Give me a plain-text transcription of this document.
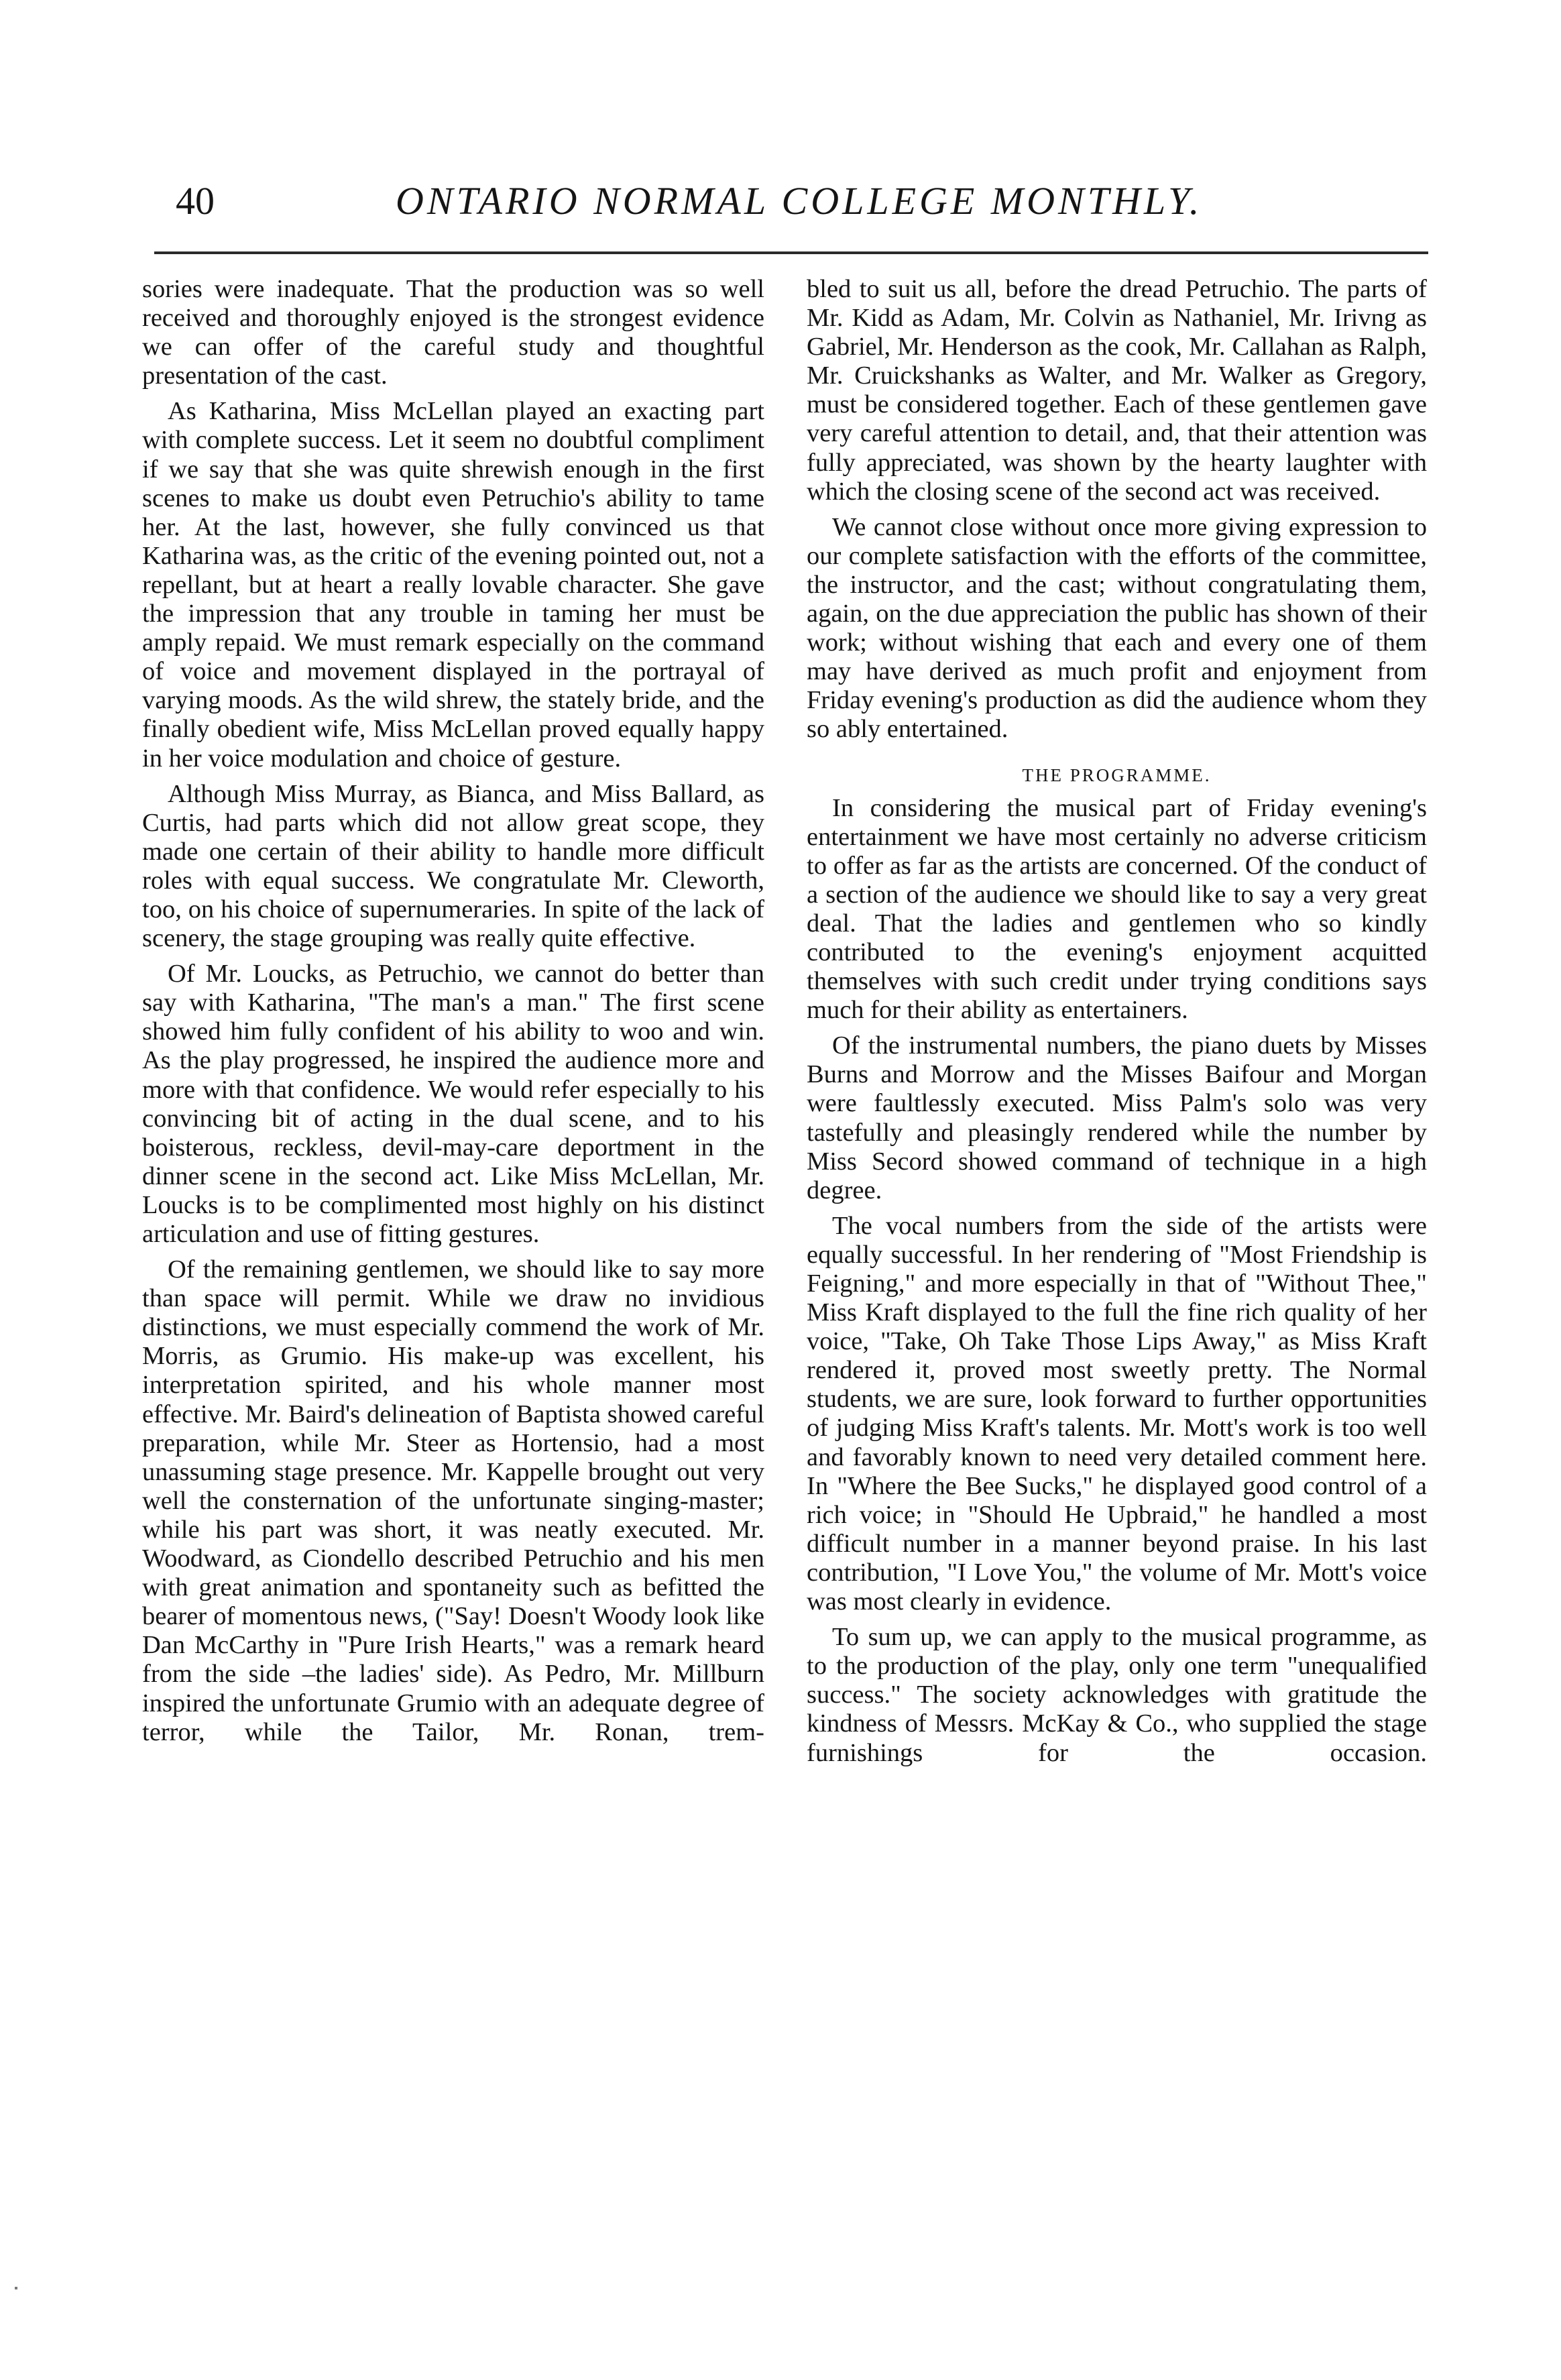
40	ONTARIO NORMAL COLLEGE MONTHLY.

sories were inadequate. That the production was so well received and thoroughly enjoyed is the strongest evidence we can offer of the careful study and thoughtful presentation of the cast.

As Katharina, Miss McLellan played an exacting part with complete success. Let it seem no doubtful compliment if we say that she was quite shrewish enough in the first scenes to make us doubt even Petruchio's ability to tame her. At the last, however, she fully convinced us that Katharina was, as the critic of the evening pointed out, not a repellant, but at heart a really lovable character. She gave the impression that any trouble in taming her must be amply repaid. We must remark especially on the command of voice and movement displayed in the portrayal of varying moods. As the wild shrew, the stately bride, and the finally obedient wife, Miss McLellan proved equally happy in her voice modulation and choice of gesture.

Although Miss Murray, as Bianca, and Miss Ballard, as Curtis, had parts which did not allow great scope, they made one certain of their ability to handle more difficult roles with equal success. We congratulate Mr. Cleworth, too, on his choice of supernumeraries. In spite of the lack of scenery, the stage grouping was really quite effective.

Of Mr. Loucks, as Petruchio, we cannot do better than say with Katharina, "The man's a man." The first scene showed him fully confident of his ability to woo and win. As the play progressed, he inspired the audience more and more with that confidence. We would refer especially to his convincing bit of acting in the dual scene, and to his boisterous, reckless, devil-may-care deportment in the dinner scene in the second act. Like Miss McLellan, Mr. Loucks is to be complimented most highly on his distinct articulation and use of fitting gestures.

Of the remaining gentlemen, we should like to say more than space will permit. While we draw no invidious distinctions, we must especially commend the work of Mr. Morris, as Grumio. His make-up was excellent, his interpretation spirited, and his whole manner most effective. Mr. Baird's delineation of Baptista showed careful preparation, while Mr. Steer as Hortensio, had a most unassuming stage presence. Mr. Kappelle brought out very well the consternation of the unfortunate singing-master; while his part was short, it was neatly executed. Mr. Woodward, as Ciondello described Petruchio and his men with great animation and spontaneity such as befitted the bearer of momentous news, ("Say! Doesn't Woody look like Dan McCarthy in "Pure Irish Hearts," was a remark heard from the side –the ladies' side). As Pedro, Mr. Millburn inspired the unfortunate Grumio with an adequate degree of terror, while the Tailor, Mr. Ronan, trem-

bled to suit us all, before the dread Petruchio. The parts of Mr. Kidd as Adam, Mr. Colvin as Nathaniel, Mr. Irivng as Gabriel, Mr. Henderson as the cook, Mr. Callahan as Ralph, Mr. Cruickshanks as Walter, and Mr. Walker as Gregory, must be considered together. Each of these gentlemen gave very careful attention to detail, and, that their attention was fully appreciated, was shown by the hearty laughter with which the closing scene of the second act was received.

We cannot close without once more giving expression to our complete satisfaction with the efforts of the committee, the instructor, and the cast; without congratulating them, again, on the due appreciation the public has shown of their work; without wishing that each and every one of them may have derived as much profit and enjoyment from Friday evening's production as did the audience whom they so ably entertained.

THE PROGRAMME.

In considering the musical part of Friday evening's entertainment we have most certainly no adverse criticism to offer as far as the artists are concerned. Of the conduct of a section of the audience we should like to say a very great deal. That the ladies and gentlemen who so kindly contributed to the evening's enjoyment acquitted themselves with such credit under trying conditions says much for their ability as entertainers.

Of the instrumental numbers, the piano duets by Misses Burns and Morrow and the Misses Baifour and Morgan were faultlessly executed. Miss Palm's solo was very tastefully and pleasingly rendered while the number by Miss Secord showed command of technique in a high degree.

The vocal numbers from the side of the artists were equally successful. In her rendering of "Most Friendship is Feigning," and more especially in that of "Without Thee," Miss Kraft displayed to the full the fine rich quality of her voice, "Take, Oh Take Those Lips Away," as Miss Kraft rendered it, proved most sweetly pretty. The Normal students, we are sure, look forward to further opportunities of judging Miss Kraft's talents. Mr. Mott's work is too well and favorably known to need very detailed comment here. In "Where the Bee Sucks," he displayed good control of a rich voice; in "Should He Upbraid," he handled a most difficult number in a manner beyond praise. In his last contribution, "I Love You," the volume of Mr. Mott's voice was most clearly in evidence.

To sum up, we can apply to the musical programme, as to the production of the play, only one term "unequalified success." The society acknowledges with gratitude the kindness of Messrs. McKay & Co., who supplied the stage furnishings for the occasion.
